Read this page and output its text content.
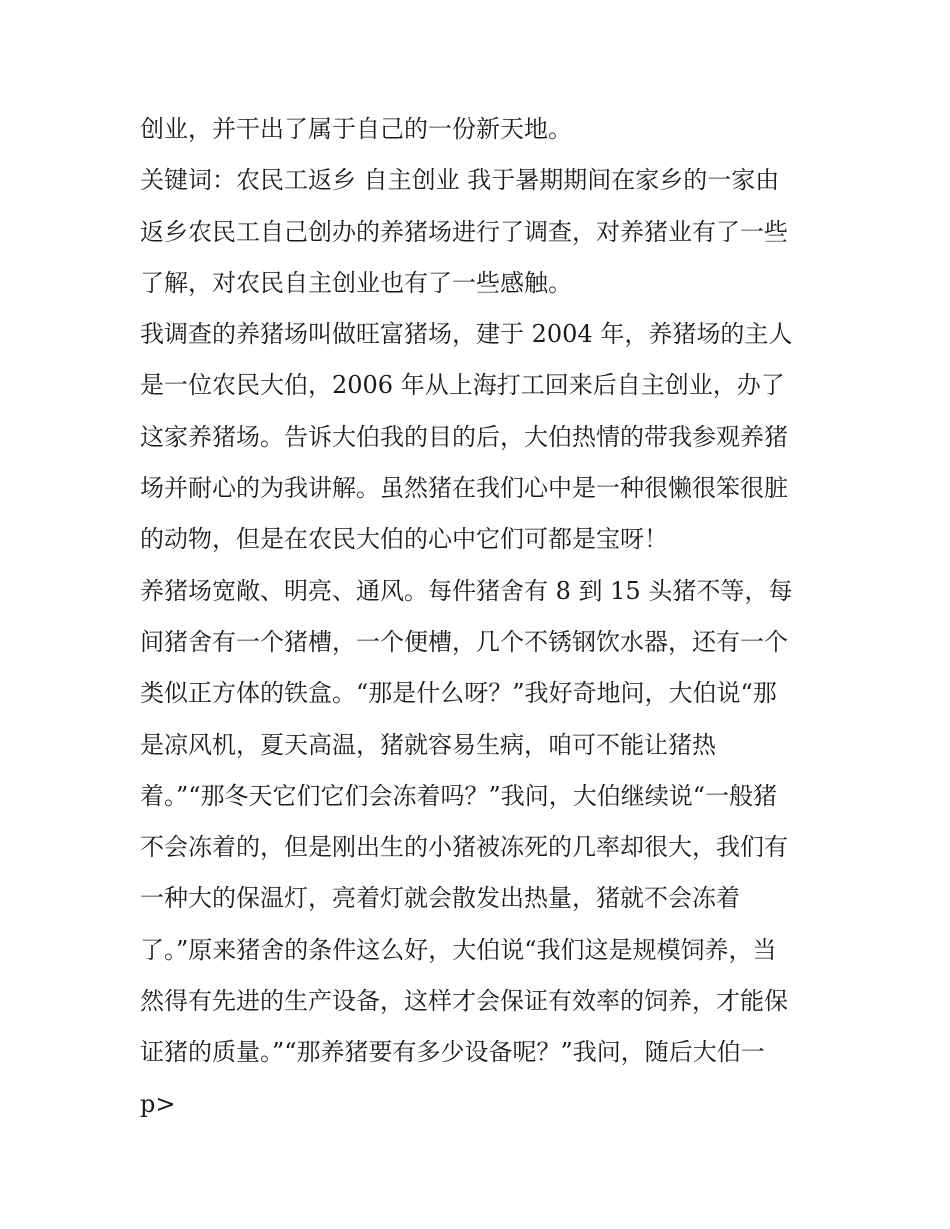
创业，并干出了属于自己的一份新天地。
关键词：农民工返乡 自主创业 我于暑期期间在家乡的一家由
返乡农民工自己创办的养猪场进行了调查，对养猪业有了一些
了解，对农民自主创业也有了一些感触。
我调查的养猪场叫做旺富猪场，建于 2004 年，养猪场的主人
是一位农民大伯，2006 年从上海打工回来后自主创业，办了
这家养猪场。告诉大伯我的目的后，大伯热情的带我参观养猪
场并耐心的为我讲解。虽然猪在我们心中是一种很懒很笨很脏
的动物，但是在农民大伯的心中它们可都是宝呀！
养猪场宽敞、明亮、通风。每件猪舍有 8 到 15 头猪不等，每
间猪舍有一个猪槽，一个便槽，几个不锈钢饮水器，还有一个
类似正方体的铁盒。“那是什么呀？”我好奇地问，大伯说“那
是凉风机，夏天高温，猪就容易生病，咱可不能让猪热
着。”“那冬天它们它们会冻着吗？”我问，大伯继续说“一般猪
不会冻着的，但是刚出生的小猪被冻死的几率却很大，我们有
一种大的保温灯，亮着灯就会散发出热量，猪就不会冻着
了。”原来猪舍的条件这么好，大伯说“我们这是规模饲养，当
然得有先进的生产设备，这样才会保证有效率的饲养，才能保
证猪的质量。”“那养猪要有多少设备呢？”我问，随后大伯一
p>
